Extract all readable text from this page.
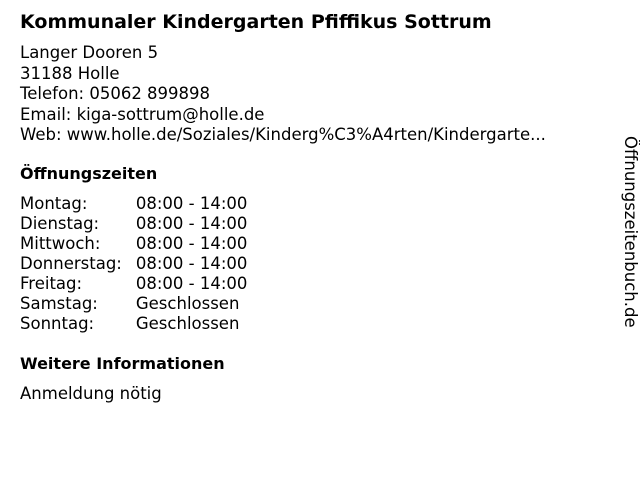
Kommunaler Kindergarten Pfiffikus Sottrum
Langer Dooren 5
31188 Holle
Telefon: 05062 899898
Email: kiga-sottrum@holle.de
Web: www.holle.de/Soziales/Kinderg%C3%A4rten/Kindergarte...
Öffnungszeiten
Montag:	08:00 - 14:00
Dienstag:	08:00 - 14:00
Mittwoch:	08:00 - 14:00
Donnerstag:	08:00 - 14:00
Freitag:	08:00 - 14:00
Samstag:	Geschlossen
Sonntag:	Geschlossen
Weitere Informationen
Anmeldung nötig
Öffnungszeitenbuch.de
